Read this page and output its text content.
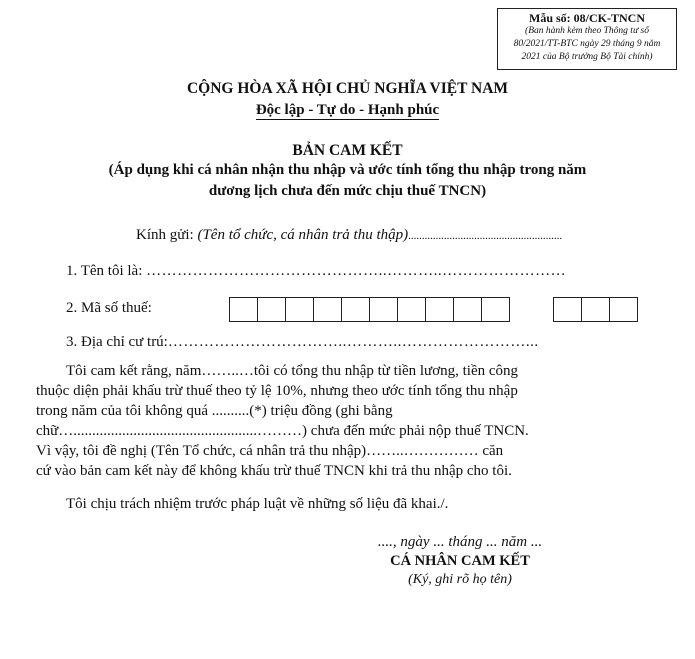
Mẫu số: 08/CK-TNCN
(Ban hành kèm theo Thông tư số
80/2021/TT-BTC ngày 29 tháng 9 năm
2021 của Bộ trưởng Bộ Tài chính)
CỘNG HÒA XÃ HỘI CHỦ NGHĨA VIỆT NAM
Độc lập - Tự do - Hạnh phúc
BẢN CAM KẾT
(Áp dụng khi cá nhân nhận thu nhập và ước tính tổng thu nhập trong năm
dương lịch chưa đến mức chịu thuế TNCN)
Kính gửi: (Tên tổ chức, cá nhân trả thu thập)........................................................
1. Tên tôi là: ………………………………………..………..……………………
2. Mã số thuế:
3. Địa chỉ cư trú:……………………………..………..……………………...
Tôi cam kết rằng, năm……..…tôi có tổng thu nhập từ tiền lương, tiền công
thuộc diện phải khấu trừ thuế theo tỷ lệ 10%, nhưng theo ước tính tổng thu nhập
trong năm của tôi không quá ..........(*) triệu đồng (ghi bằng
chữ….................................................………) chưa đến mức phải nộp thuế TNCN.
Vì vậy, tôi đề nghị (Tên Tổ chức, cá nhân trả thu nhập)……..…………… căn
cứ vào bản cam kết này để không khấu trừ thuế TNCN khi trả thu nhập cho tôi.
Tôi chịu trách nhiệm trước pháp luật về những số liệu đã khai./.
...., ngày ... tháng ... năm ...
CÁ NHÂN CAM KẾT
(Ký, ghi rõ họ tên)
